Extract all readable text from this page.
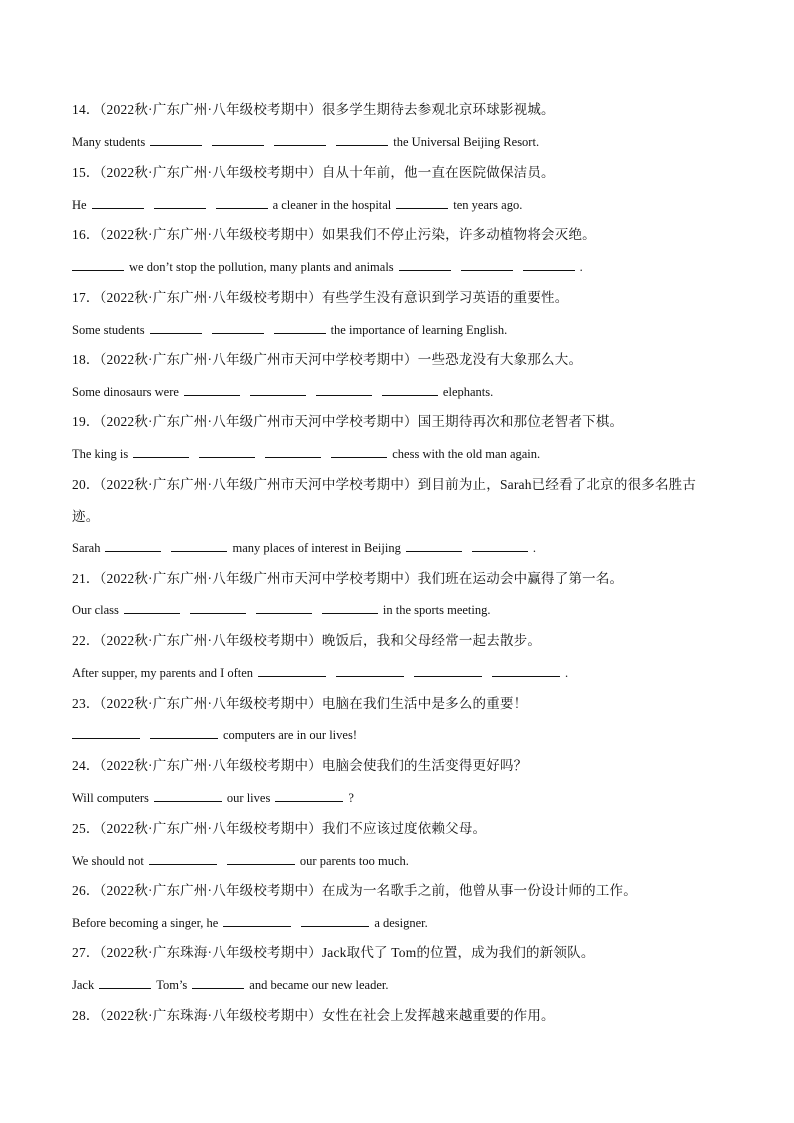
14．（2022秋·广东广州·八年级校考期中）很多学生期待去参观北京环球影视城。
Many students	the Universal Beijing Resort.
15．（2022秋·广东广州·八年级校考期中）自从十年前，他一直在医院做保洁员。
He	a cleaner in the hospital	ten years ago.
16．（2022秋·广东广州·八年级校考期中）如果我们不停止污染，许多动植物将会灭绝。
we don’t stop the pollution, many plants and animals	.
17．（2022秋·广东广州·八年级校考期中）有些学生没有意识到学习英语的重要性。
Some students	the importance of learning English.
18．（2022秋·广东广州·八年级广州市天河中学校考期中）一些恐龙没有大象那么大。
Some dinosaurs were	elephants.
19．（2022秋·广东广州·八年级广州市天河中学校考期中）国王期待再次和那位老智者下棋。
The king is	chess with the old man again.
20．（2022秋·广东广州·八年级广州市天河中学校考期中）到目前为止，Sarah已经看了北京的很多名胜古
迹。
Sarah	many places of interest in Beijing	.
21．（2022秋·广东广州·八年级广州市天河中学校考期中）我们班在运动会中赢得了第一名。
Our class	in the sports meeting.
22．（2022秋·广东广州·八年级校考期中）晚饭后，我和父母经常一起去散步。
After supper, my parents and I often	.
23．（2022秋·广东广州·八年级校考期中）电脑在我们生活中是多么的重要！
computers are in our lives!
24．（2022秋·广东广州·八年级校考期中）电脑会使我们的生活变得更好吗？
Will computers	our lives	?
25．（2022秋·广东广州·八年级校考期中）我们不应该过度依赖父母。
We should not	our parents too much.
26．（2022秋·广东广州·八年级校考期中）在成为一名歌手之前，他曾从事一份设计师的工作。
Before becoming a singer, he	a designer.
27．（2022秋·广东珠海·八年级校考期中）Jack取代了 Tom的位置，成为我们的新领队。
Jack	Tom’s	and became our new leader.
28．（2022秋·广东珠海·八年级校考期中）女性在社会上发挥越来越重要的作用。
